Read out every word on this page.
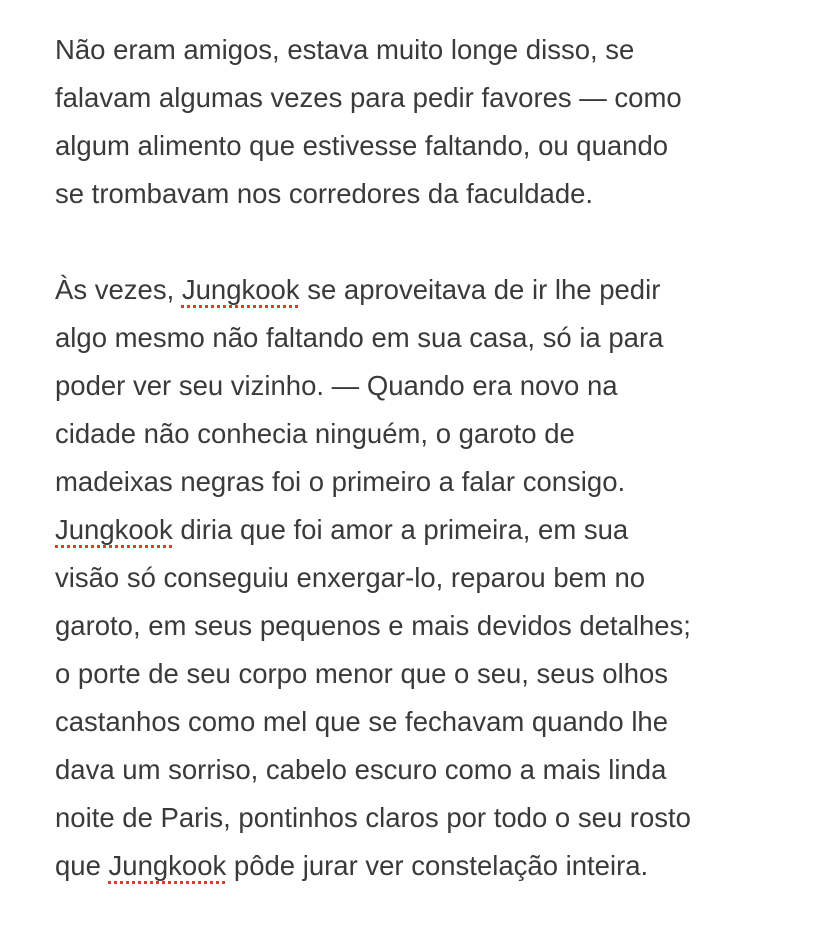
Não eram amigos, estava muito longe disso, se
falavam algumas vezes para pedir favores — como
algum alimento que estivesse faltando, ou quando
se trombavam nos corredores da faculdade.
Às vezes, Jungkook se aproveitava de ir lhe pedir
algo mesmo não faltando em sua casa, só ia para
poder ver seu vizinho. — Quando era novo na
cidade não conhecia ninguém, o garoto de
madeixas negras foi o primeiro a falar consigo.
Jungkook diria que foi amor a primeira, em sua
visão só conseguiu enxergar-lo, reparou bem no
garoto, em seus pequenos e mais devidos detalhes;
o porte de seu corpo menor que o seu, seus olhos
castanhos como mel que se fechavam quando lhe
dava um sorriso, cabelo escuro como a mais linda
noite de Paris, pontinhos claros por todo o seu rosto
que Jungkook pôde jurar ver constelação inteira.
